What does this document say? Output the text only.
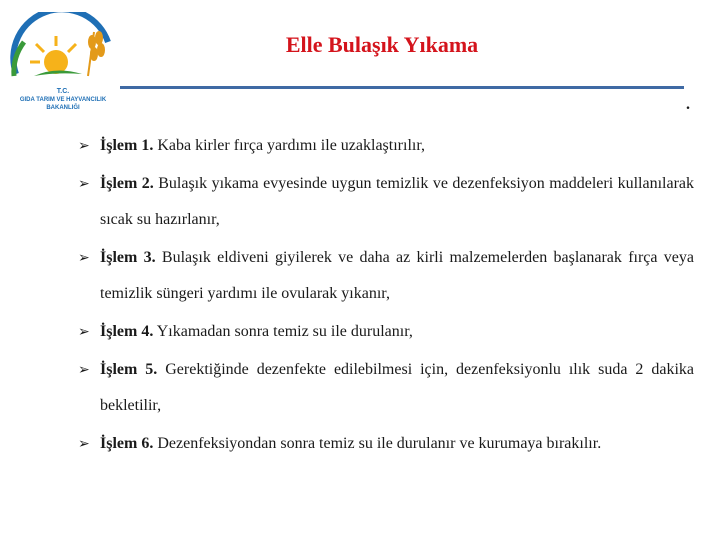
T.C.
GIDA TARIM VE HAYVANCILIK
BAKANLIĞI
Elle Bulaşık Yıkama
.
➢ İşlem 1. Kaba kirler fırça yardımı ile uzaklaştırılır,
➢ İşlem 2. Bulaşık yıkama evyesinde uygun temizlik ve dezenfeksiyon maddeleri kullanılarak sıcak su hazırlanır,
➢ İşlem 3. Bulaşık eldiveni giyilerek ve daha az kirli malzemelerden başlanarak fırça veya temizlik süngeri yardımı ile ovularak yıkanır,
➢ İşlem 4. Yıkamadan sonra temiz su ile durulanır,
➢ İşlem 5. Gerektiğinde dezenfekte edilebilmesi için, dezenfeksiyonlu ılık suda 2 dakika bekletilir,
➢ İşlem 6. Dezenfeksiyondan sonra temiz su ile durulanır ve kurumaya bırakılır.
